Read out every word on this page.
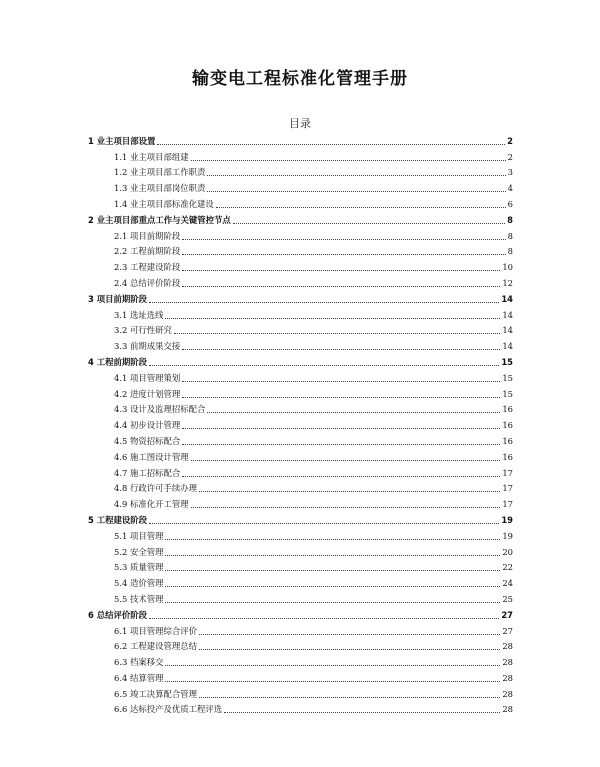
输变电工程标准化管理手册
目录
1 业主项目部设置	2
1.1 业主项目部组建	2
1.2 业主项目部工作职责	3
1.3 业主项目部岗位职责	4
1.4 业主项目部标准化建设	6
2 业主项目部重点工作与关键管控节点	8
2.1 项目前期阶段	8
2.2 工程前期阶段	8
2.3 工程建设阶段	10
2.4 总结评价阶段	12
3 项目前期阶段	14
3.1 选址选线	14
3.2 可行性研究	14
3.3 前期成果交接	14
4 工程前期阶段	15
4.1 项目管理策划	15
4.2 进度计划管理	15
4.3 设计及监理招标配合	16
4.4 初步设计管理	16
4.5 物资招标配合	16
4.6 施工图设计管理	16
4.7 施工招标配合	17
4.8 行政许可手续办理	17
4.9 标准化开工管理	17
5 工程建设阶段	19
5.1 项目管理	19
5.2 安全管理	20
5.3 质量管理	22
5.4 造价管理	24
5.5 技术管理	25
6 总结评价阶段	27
6.1 项目管理综合评价	27
6.2 工程建设管理总结	28
6.3 档案移交	28
6.4 结算管理	28
6.5 竣工决算配合管理	28
6.6 达标投产及优质工程评选	28
